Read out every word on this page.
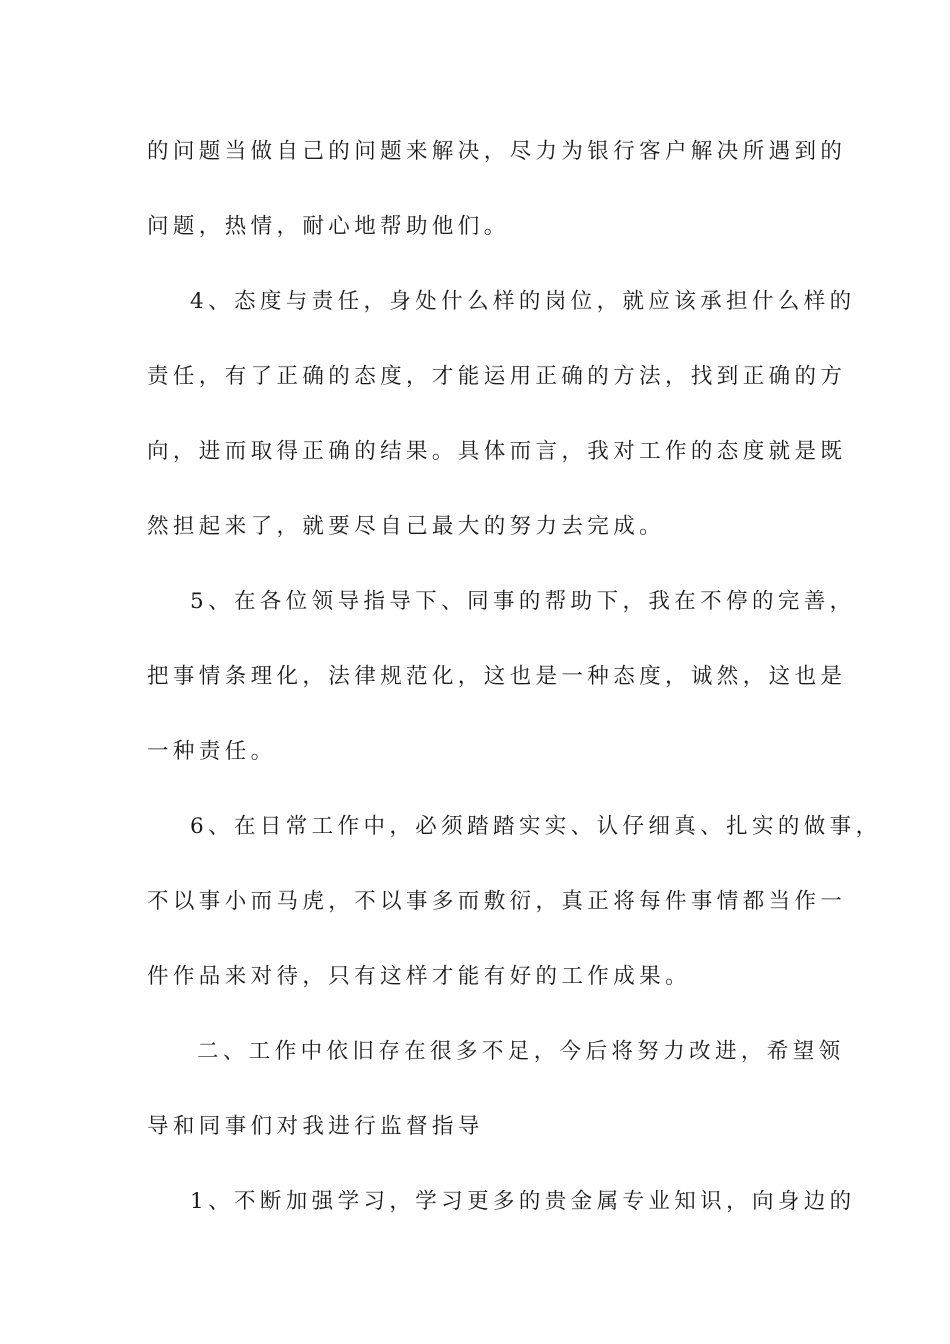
的问题当做自己的问题来解决，尽力为银行客户解决所遇到的
问题，热情，耐心地帮助他们。
4、态度与责任，身处什么样的岗位，就应该承担什么样的
责任，有了正确的态度，才能运用正确的方法，找到正确的方
向，进而取得正确的结果。具体而言，我对工作的态度就是既
然担起来了，就要尽自己最大的努力去完成。
5、在各位领导指导下、同事的帮助下，我在不停的完善，
把事情条理化，法律规范化，这也是一种态度，诚然，这也是
一种责任。
6、在日常工作中，必须踏踏实实、认仔细真、扎实的做事，
不以事小而马虎，不以事多而敷衍，真正将每件事情都当作一
件作品来对待，只有这样才能有好的工作成果。
二、工作中依旧存在很多不足，今后将努力改进，希望领
导和同事们对我进行监督指导
1、不断加强学习，学习更多的贵金属专业知识，向身边的
